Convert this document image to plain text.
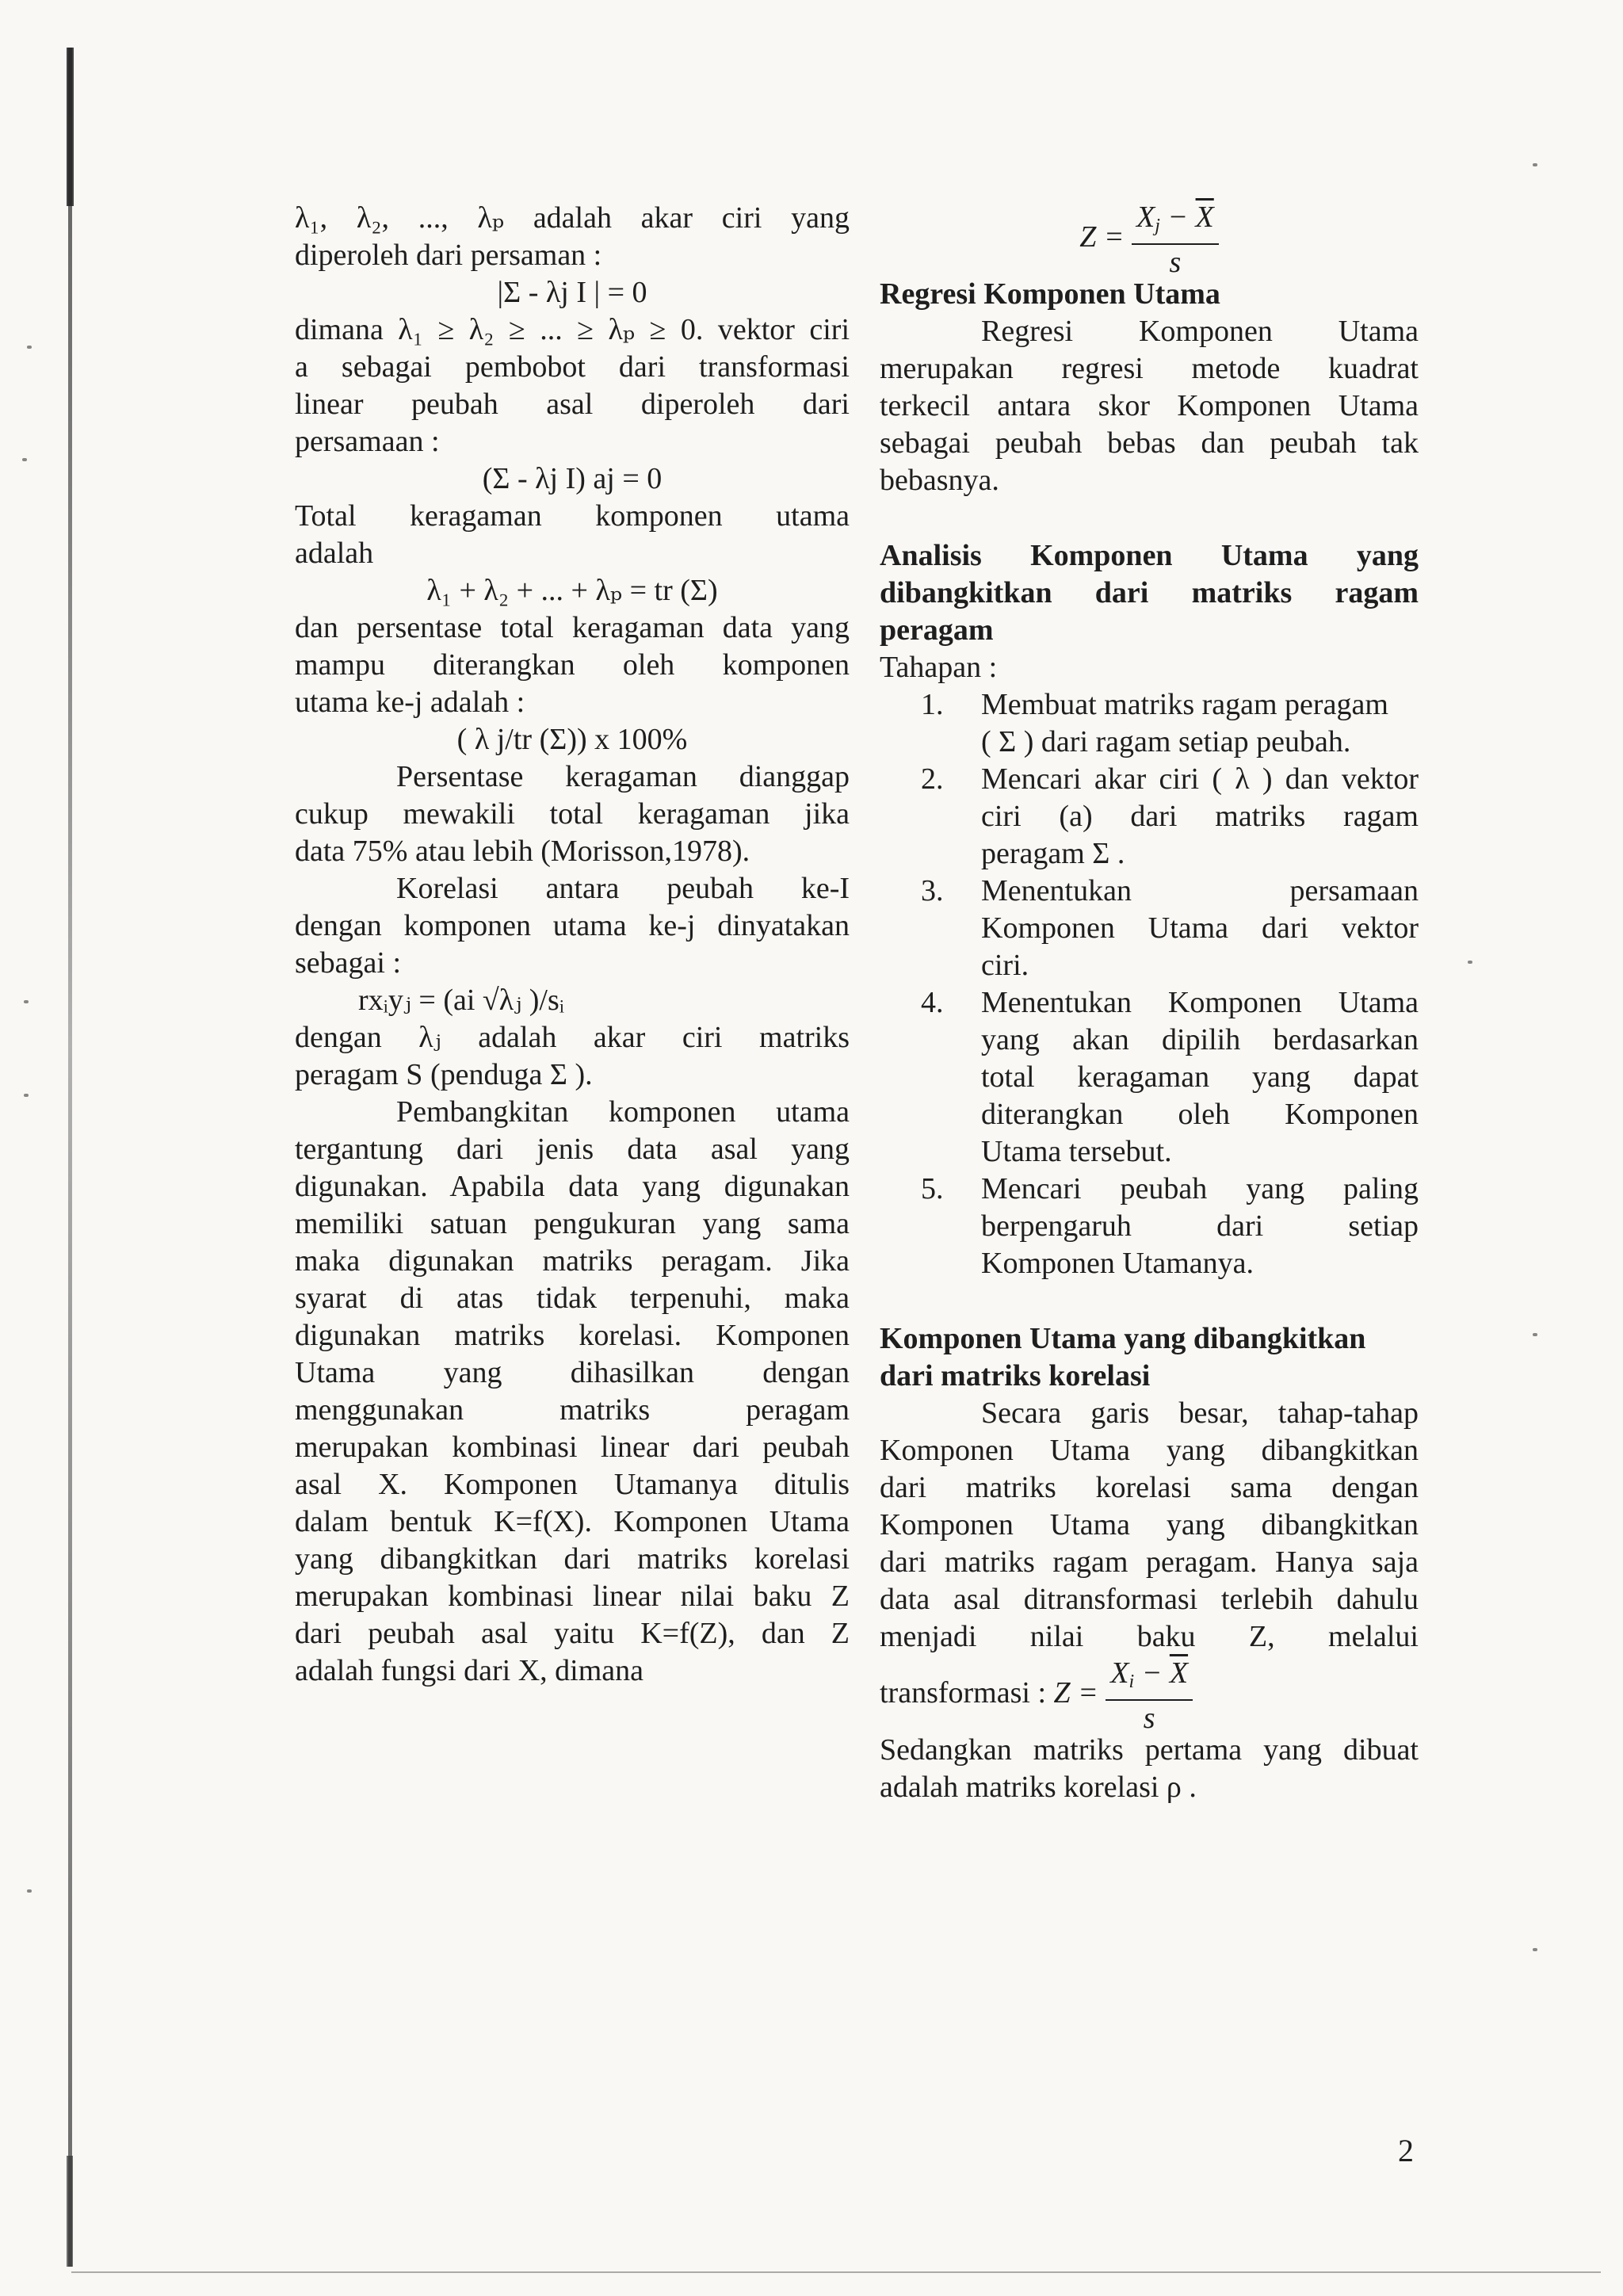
λ₁, λ₂, ..., λₚ adalah akar ciri yang

diperoleh dari persaman :

|Σ - λj I | = 0

dimana λ₁ ≥ λ₂ ≥ ... ≥ λₚ ≥ 0. vektor ciri

a sebagai pembobot dari transformasi

linear peubah asal diperoleh dari

persamaan :

(Σ - λj I) aj = 0

Total keragaman komponen utama

adalah

λ₁ + λ₂ + ... + λₚ = tr (Σ)

dan persentase total keragaman data yang

mampu diterangkan oleh komponen

utama ke-j adalah :

( λ j/tr (Σ)) x 100%

Persentase keragaman dianggap

cukup mewakili total keragaman jika

data 75% atau lebih (Morisson,1978).

Korelasi antara peubah ke-I

dengan komponen utama ke-j dinyatakan

sebagai :

rxᵢyⱼ = (ai √λⱼ )/sᵢ

dengan λⱼ adalah akar ciri matriks

peragam S (penduga Σ ).

Pembangkitan komponen utama

tergantung dari jenis data asal yang

digunakan. Apabila data yang digunakan

memiliki satuan pengukuran yang sama

maka digunakan matriks peragam. Jika

syarat di atas tidak terpenuhi, maka

digunakan matriks korelasi. Komponen

Utama yang dihasilkan dengan

menggunakan matriks peragam

merupakan kombinasi linear dari peubah

asal X. Komponen Utamanya ditulis

dalam bentuk K=f(X). Komponen Utama

yang dibangkitkan dari matriks korelasi

merupakan kombinasi linear nilai baku Z

dari peubah asal yaitu K=f(Z), dan Z

adalah fungsi dari X, dimana

$Z = \frac{X_j - \overline{X}}{s}$

Regresi Komponen Utama

Regresi Komponen Utama

merupakan regresi metode kuadrat

terkecil antara skor Komponen Utama

sebagai peubah bebas dan peubah tak

bebasnya.

Analisis Komponen Utama yang

dibangkitkan dari matriks ragam

peragam

Tahapan :

1. Membuat matriks ragam peragam
( Σ ) dari ragam setiap peubah.
2. Mencari akar ciri ( λ ) dan vektor
ciri (a) dari matriks ragam
peragam Σ .
3. Menentukan persamaan
Komponen Utama dari vektor
ciri.
4. Menentukan Komponen Utama
yang akan dipilih berdasarkan
total keragaman yang dapat
diterangkan oleh Komponen
Utama tersebut.
5. Mencari peubah yang paling
berpengaruh dari setiap
Komponen Utamanya.

Komponen Utama yang dibangkitkan

dari matriks korelasi

Secara garis besar, tahap-tahap

Komponen Utama yang dibangkitkan

dari matriks korelasi sama dengan

Komponen Utama yang dibangkitkan

dari matriks ragam peragam. Hanya saja

data asal ditransformasi terlebih dahulu

menjadi nilai baku Z, melalui

transformasi : $Z = \frac{X_i - \overline{X}}{s}$

Sedangkan matriks pertama yang dibuat

adalah matriks korelasi ρ .

2
